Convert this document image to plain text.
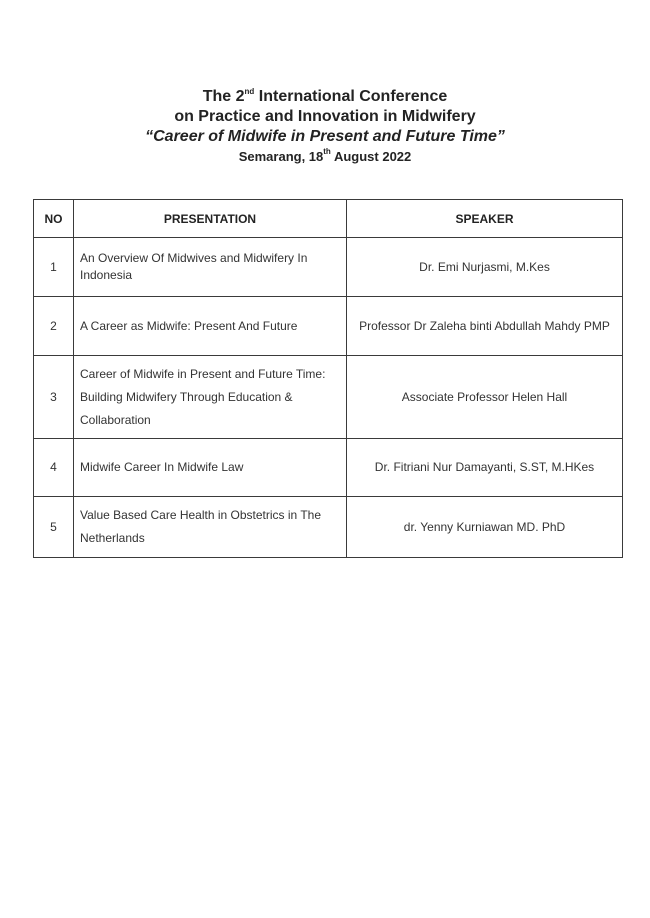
The 2nd International Conference

on Practice and Innovation in Midwifery

“Career of Midwife in Present and Future Time”

Semarang, 18th August 2022

NO	PRESENTATION	SPEAKER
1	An Overview Of Midwives and Midwifery In Indonesia	Dr. Emi Nurjasmi, M.Kes
2	A Career as Midwife: Present And Future	Professor Dr Zaleha binti Abdullah Mahdy PMP
3	Career of Midwife in Present and Future Time: Building Midwifery Through Education & Collaboration	Associate Professor Helen Hall
4	Midwife Career In Midwife Law	Dr. Fitriani Nur Damayanti, S.ST, M.HKes
5	Value Based Care Health in Obstetrics in The Netherlands	dr. Yenny Kurniawan MD. PhD
